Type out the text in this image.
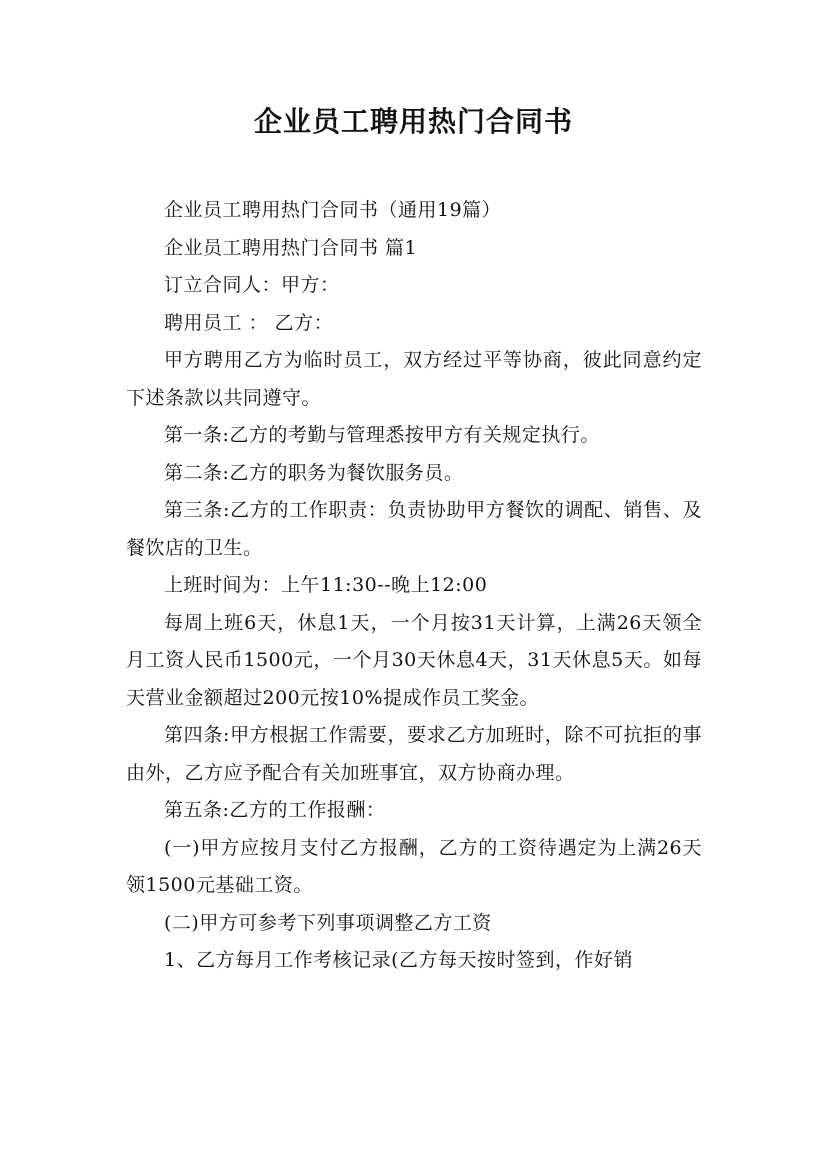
企业员工聘用热门合同书

企业员工聘用热门合同书（通用19篇）

企业员工聘用热门合同书 篇1

订立合同人：甲方：

聘用员工 ： 乙方：

甲方聘用乙方为临时员工，双方经过平等协商，彼此同意约定下述条款以共同遵守。

第一条:乙方的考勤与管理悉按甲方有关规定执行。

第二条:乙方的职务为餐饮服务员。

第三条:乙方的工作职责：负责协助甲方餐饮的调配、销售、及餐饮店的卫生。

上班时间为：上午11:30--晚上12:00

每周上班6天，休息1天，一个月按31天计算，上满26天领全月工资人民币1500元，一个月30天休息4天，31天休息5天。如每天营业金额超过200元按10%提成作员工奖金。

第四条:甲方根据工作需要，要求乙方加班时，除不可抗拒的事由外，乙方应予配合有关加班事宜，双方协商办理。

第五条:乙方的工作报酬：

(一)甲方应按月支付乙方报酬，乙方的工资待遇定为上满26天领1500元基础工资。

(二)甲方可参考下列事项调整乙方工资

1、乙方每月工作考核记录(乙方每天按时签到，作好销
